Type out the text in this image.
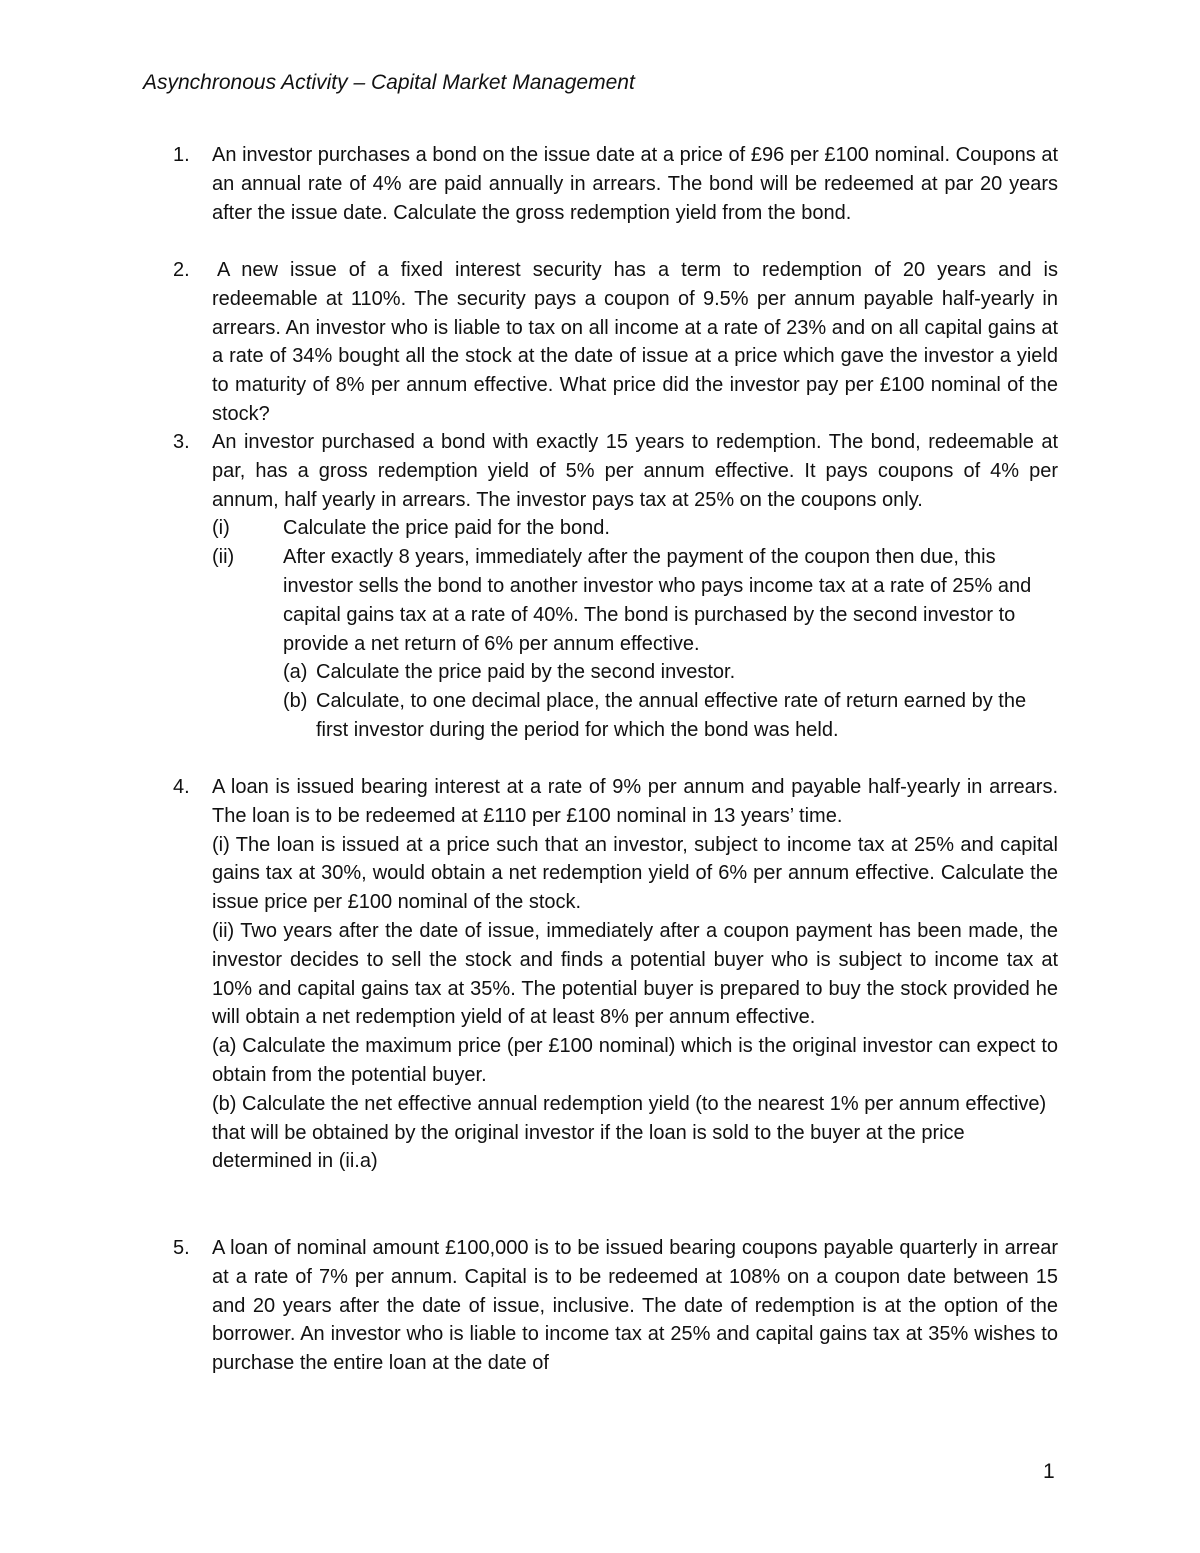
Asynchronous Activity – Capital Market Management
1. An investor purchases a bond on the issue date at a price of £96 per £100 nominal. Coupons at an annual rate of 4% are paid annually in arrears. The bond will be redeemed at par 20 years after the issue date. Calculate the gross redemption yield from the bond.

2. A new issue of a fixed interest security has a term to redemption of 20 years and is redeemable at 110%. The security pays a coupon of 9.5% per annum payable half-yearly in arrears. An investor who is liable to tax on all income at a rate of 23% and on all capital gains at a rate of 34% bought all the stock at the date of issue at a price which gave the investor a yield to maturity of 8% per annum effective. What price did the investor pay per £100 nominal of the stock?

3. An investor purchased a bond with exactly 15 years to redemption. The bond, redeemable at par, has a gross redemption yield of 5% per annum effective. It pays coupons of 4% per annum, half yearly in arrears. The investor pays tax at 25% on the coupons only.

(i)	Calculate the price paid for the bond.
(ii) After exactly 8 years, immediately after the payment of the coupon then due, this investor sells the bond to another investor who pays income tax at a rate of 25% and capital gains tax at a rate of 40%. The bond is purchased by the second investor to provide a net return of 6% per annum effective.
(a) Calculate the price paid by the second investor.
(b) Calculate, to one decimal place, the annual effective rate of return earned by the first investor during the period for which the bond was held.
4. A loan is issued bearing interest at a rate of 9% per annum and payable half-yearly in arrears. The loan is to be redeemed at £110 per £100 nominal in 13 years’ time.

(i) The loan is issued at a price such that an investor, subject to income tax at 25% and capital gains tax at 30%, would obtain a net redemption yield of 6% per annum effective. Calculate the issue price per £100 nominal of the stock.

(ii) Two years after the date of issue, immediately after a coupon payment has been made, the investor decides to sell the stock and finds a potential buyer who is subject to income tax at 10% and capital gains tax at 35%. The potential buyer is prepared to buy the stock provided he will obtain a net redemption yield of at least 8% per annum effective.

(a) Calculate the maximum price (per £100 nominal) which is the original investor can expect to obtain from the potential buyer.

(b) Calculate the net effective annual redemption yield (to the nearest 1% per annum effective) that will be obtained by the original investor if the loan is sold to the buyer at the price determined in (ii.a)

5. A loan of nominal amount £100,000 is to be issued bearing coupons payable quarterly in arrear at a rate of 7% per annum. Capital is to be redeemed at 108% on a coupon date between 15 and 20 years after the date of issue, inclusive. The date of redemption is at the option of the borrower. An investor who is liable to income tax at 25% and capital gains tax at 35% wishes to purchase the entire loan at the date of

1
